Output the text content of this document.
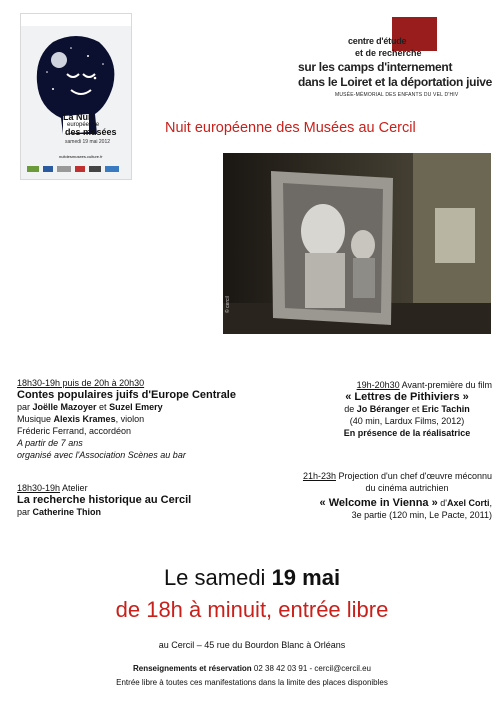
La Nuit
européenne
des musées
samedi 19 mai 2012
nuitdesmusees.culture.fr
centre d'étude
et de recherche
sur les camps d'internement
dans le Loiret et la déportation juive
MUSÉE-MÉMORIAL DES ENFANTS DU VEL D'HIV
Nuit européenne des Musées au Cercil
© cercil
18h30-19h puis de 20h à 20h30
Contes populaires juifs d'Europe Centrale
par Joëlle Mazoyer et Suzel Emery
Musique Alexis Krames, violon
Fréderic Ferrand, accordéon
A partir de 7 ans
organisé avec l'Association Scènes au bar
18h30-19h Atelier
La recherche historique au Cercil
par Catherine Thion
19h-20h30 Avant-première du film
« Lettres de Pithiviers »
de Jo Béranger et Eric Tachin
(40 min, Lardux Films, 2012)
En présence de la réalisatrice
21h-23h Projection d'un chef d'œuvre méconnu
du cinéma autrichien
« Welcome in Vienna » d'Axel Corti,
3e partie (120 min, Le Pacte, 2011)
Le samedi 19 mai
de 18h à minuit, entrée libre
au Cercil – 45 rue du Bourdon Blanc à Orléans
Renseignements et réservation 02 38 42 03 91 - cercil@cercil.eu
Entrée libre à toutes ces manifestations dans la limite des places disponibles
